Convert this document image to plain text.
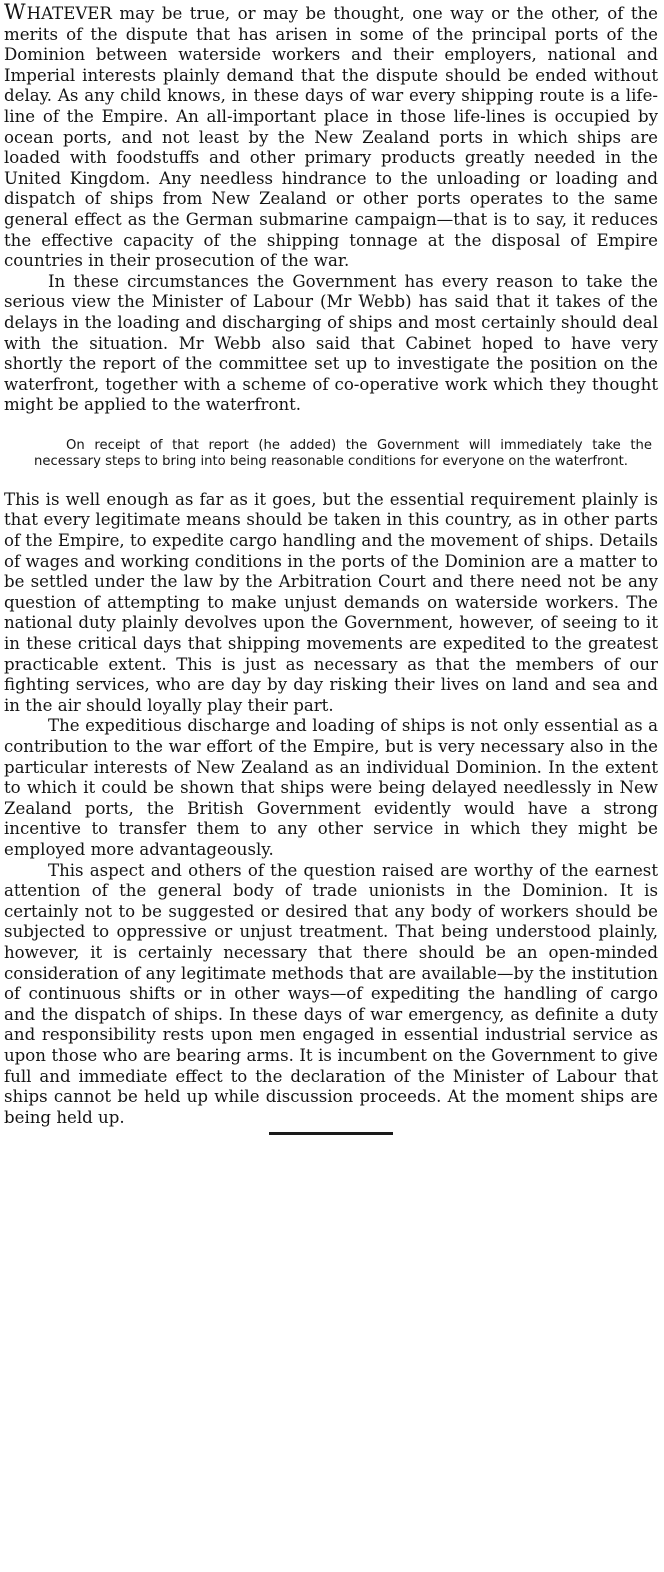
WHATEVER may be true, or may be thought, one way or the other, of the merits of the dispute that has arisen in some of the principal ports of the Dominion between waterside workers and their employers, national and Imperial interests plainly demand that the dispute should be ended without delay. As any child knows, in these days of war every shipping route is a life-line of the Empire. An all-important place in those life-lines is occupied by ocean ports, and not least by the New Zealand ports in which ships are loaded with foodstuffs and other primary products greatly needed in the United Kingdom. Any needless hindrance to the unloading or loading and dispatch of ships from New Zealand or other ports operates to the same general effect as the German submarine campaign—that is to say, it reduces the effective capacity of the shipping tonnage at the disposal of Empire countries in their prosecution of the war.

In these circumstances the Government has every reason to take the serious view the Minister of Labour (Mr Webb) has said that it takes of the delays in the loading and discharging of ships and most certainly should deal with the situation. Mr Webb also said that Cabinet hoped to have very shortly the report of the committee set up to investigate the position on the waterfront, together with a scheme of co-operative work which they thought might be applied to the waterfront.

On receipt of that report (he added) the Government will immediately take the necessary steps to bring into being reasonable conditions for everyone on the waterfront.

This is well enough as far as it goes, but the essential requirement plainly is that every legitimate means should be taken in this country, as in other parts of the Empire, to expedite cargo handling and the movement of ships. Details of wages and working conditions in the ports of the Dominion are a matter to be settled under the law by the Arbitration Court and there need not be any question of attempting to make unjust demands on waterside workers. The national duty plainly devolves upon the Government, however, of seeing to it in these critical days that shipping movements are expedited to the greatest practicable extent. This is just as necessary as that the members of our fighting services, who are day by day risking their lives on land and sea and in the air should loyally play their part.

The expeditious discharge and loading of ships is not only essential as a contribution to the war effort of the Empire, but is very necessary also in the particular interests of New Zealand as an individual Dominion. In the extent to which it could be shown that ships were being delayed needlessly in New Zealand ports, the British Government evidently would have a strong incentive to transfer them to any other service in which they might be employed more advantageously.

This aspect and others of the question raised are worthy of the earnest attention of the general body of trade unionists in the Dominion. It is certainly not to be suggested or desired that any body of workers should be subjected to oppressive or unjust treatment. That being understood plainly, however, it is certainly necessary that there should be an open-minded consideration of any legitimate methods that are available—by the institution of continuous shifts or in other ways—of expediting the handling of cargo and the dispatch of ships. In these days of war emergency, as definite a duty and responsibility rests upon men engaged in essential industrial service as upon those who are bearing arms. It is incumbent on the Government to give full and immediate effect to the declaration of the Minister of Labour that ships cannot be held up while discussion proceeds. At the moment ships are being held up.
